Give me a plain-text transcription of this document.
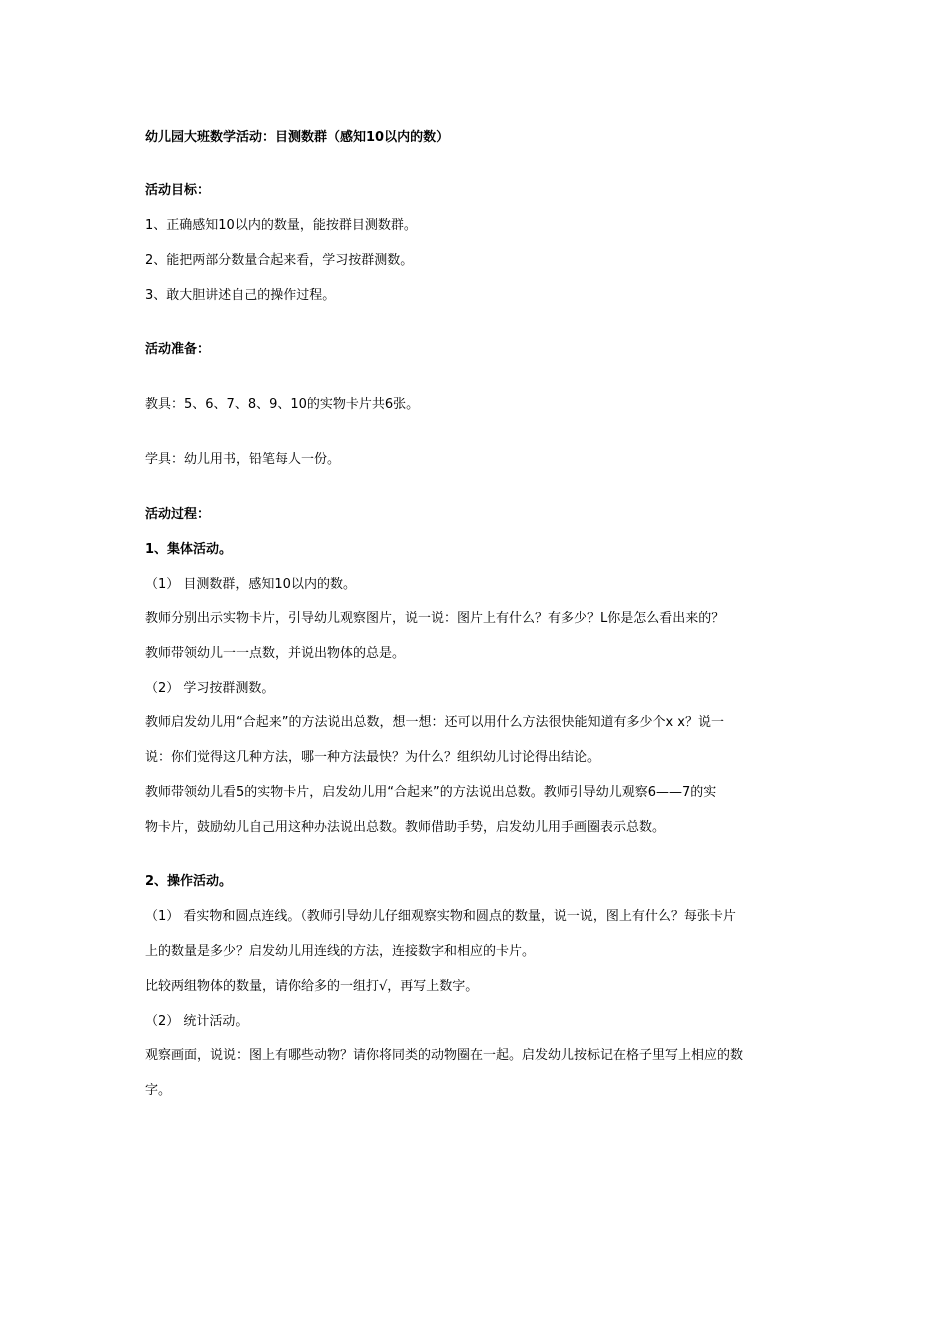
幼儿园大班数学活动：目测数群（感知10以内的数）
活动目标：
1、正确感知10以内的数量，能按群目测数群。
2、能把两部分数量合起来看，学习按群测数。
3、敢大胆讲述自己的操作过程。
活动准备：
教具：5、6、7、8、9、10的实物卡片共6张。
学具：幼儿用书，铅笔每人一份。
活动过程：
1、集体活动。
（1） 目测数群，感知10以内的数。
教师分别出示实物卡片，引导幼儿观察图片，说一说：图片上有什么？有多少？L你是怎么看出来的？
教师带领幼儿一一点数，并说出物体的总是。
（2） 学习按群测数。
教师启发幼儿用“合起来”的方法说出总数，想一想：还可以用什么方法很快能知道有多少个x x？说一
说：你们觉得这几种方法，哪一种方法最快？为什么？组织幼儿讨论得出结论。
教师带领幼儿看5的实物卡片，启发幼儿用“合起来”的方法说出总数。教师引导幼儿观察6——7的实
物卡片，鼓励幼儿自己用这种办法说出总数。教师借助手势，启发幼儿用手画圈表示总数。
2、操作活动。
（1） 看实物和圆点连线。（教师引导幼儿仔细观察实物和圆点的数量，说一说，图上有什么？每张卡片
上的数量是多少？启发幼儿用连线的方法，连接数字和相应的卡片。
比较两组物体的数量，请你给多的一组打√，再写上数字。
（2） 统计活动。
观察画面，说说：图上有哪些动物？请你将同类的动物圈在一起。启发幼儿按标记在格子里写上相应的数
字。
